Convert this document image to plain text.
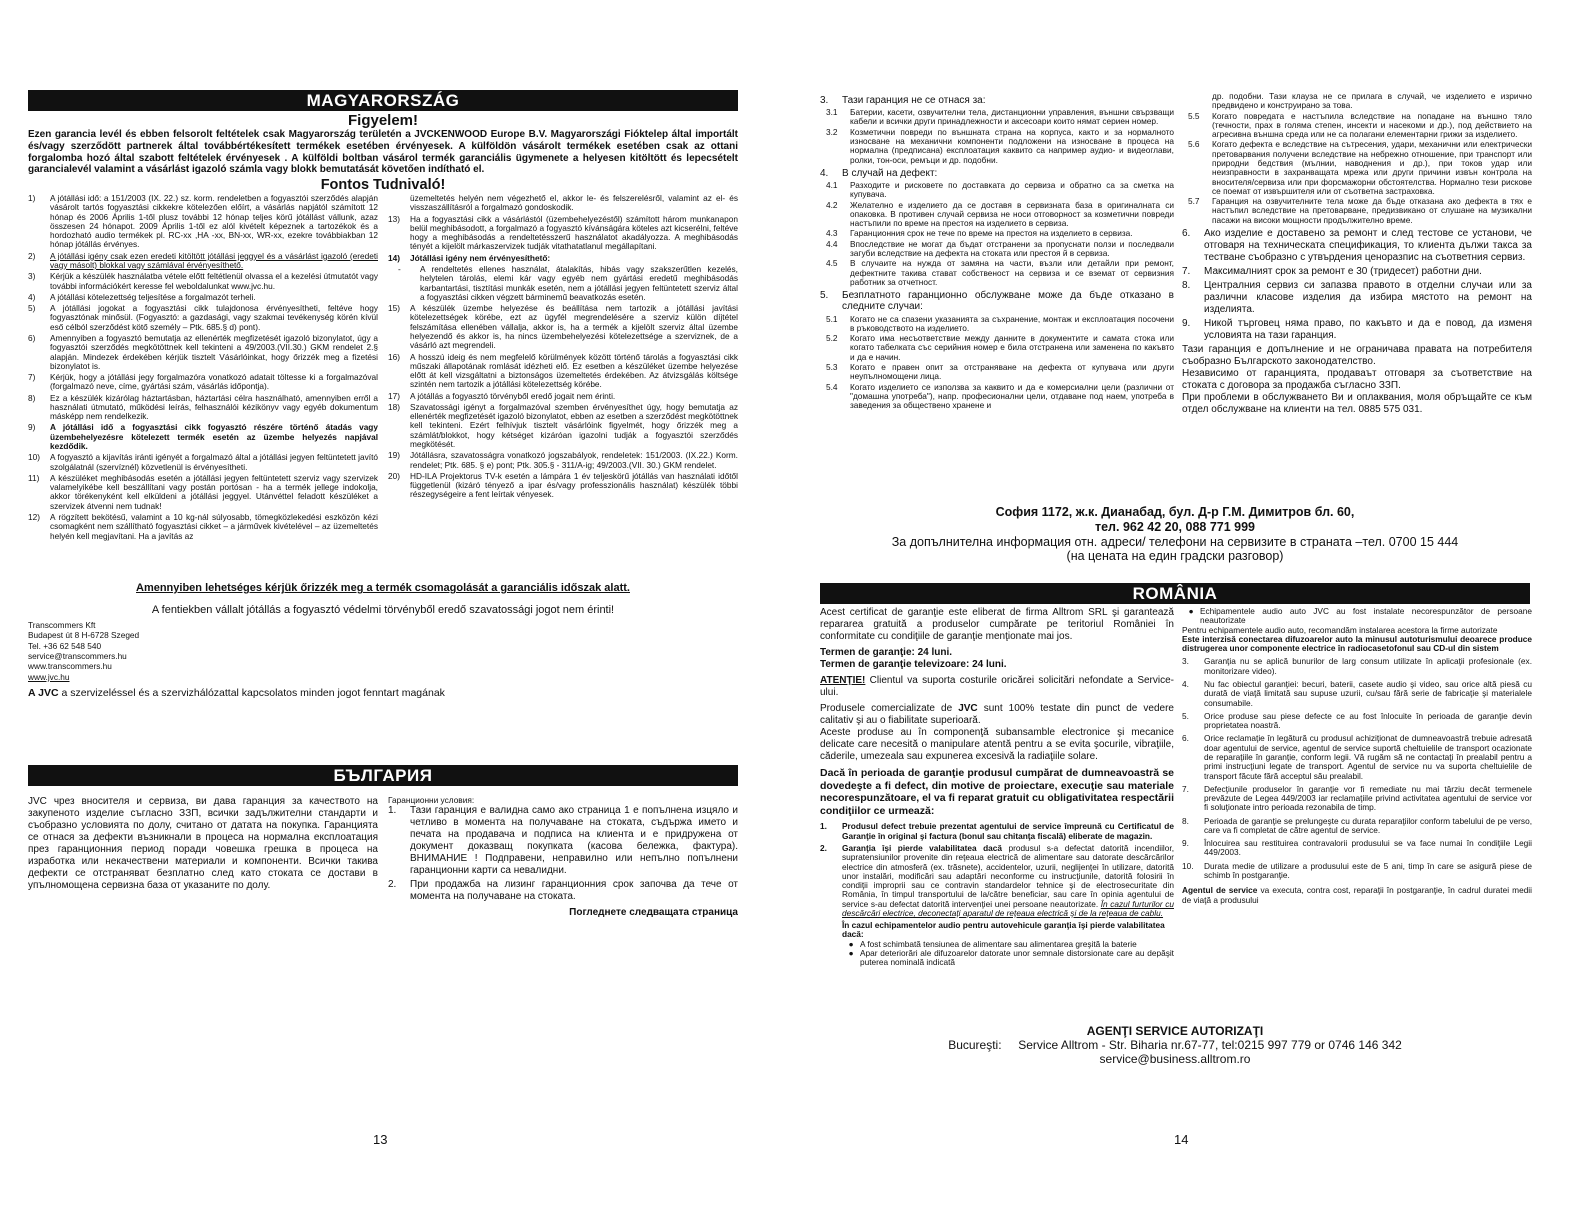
MAGYARORSZÁG
Figyelem!
Ezen garancia levél és ebben felsorolt feltételek csak Magyarország területén a JVCKENWOOD Europe B.V. Magyarországi Fióktelep által importált és/vagy szerződött partnerek által továbbértékesített termékek esetében érvényesek. A külföldön vásárolt termékek esetében csak az ottani forgalomba hozó által szabott feltételek érvényesek . A külföldi boltban vásárol termék garanciális ügymenete a helyesen kitöltött és lepecsételt garancialevél valamint a vásárlást igazoló számla vagy blokk bemutatását követően indítható el.
Fontos Tudnivaló!
1)	A jótállási idő: a 151/2003 (IX. 22.) sz. korm. rendeletben a fogyasztói szerződés alapján vásárolt tartós fogyasztási cikkekre kötelezően előírt, a vásárlás napjától számított 12 hónap és 2006 Április 1-től plusz további 12 hónap teljes körű jótállást vállunk, azaz összesen 24 hónapot. 2009 Április 1-től ez alól kivételt képeznek a tartozékok és a hordozható audio termékek pl. RC-xx ,HA -xx, BN-xx, WR-xx, ezekre továbbiakban 12 hónap jótállás érvényes.
2)	A jótállási igény csak ezen eredeti kitöltött jótállási jeggyel és a vásárlást igazoló (eredeti vagy másolt) blokkal vagy számlával érvényesíthető.
3)	Kérjük a készülék használatba vétele előtt feltétlenül olvassa el a kezelési útmutatót vagy további információkért keresse fel weboldalunkat www.jvc.hu.
4)	A jótállási kötelezettség teljesítése a forgalmazót terheli.
5)	A jótállási jogokat a fogyasztási cikk tulajdonosa érvényesítheti, feltéve hogy fogyasztónak minősül. (Fogyasztó: a gazdasági, vagy szakmai tevékenység körén kívül eső célból szerződést kötő személy – Ptk. 685.§ d) pont).
6)	Amennyiben a fogyasztó bemutatja az ellenérték megfizetését igazoló bizonylatot, úgy a fogyasztói szerződés megkötöttnek kell tekinteni a 49/2003.(VII.30.) GKM rendelet 2.§ alapján. Mindezek érdekében kérjük tisztelt Vásárlóinkat, hogy őrizzék meg a fizetési bizonylatot is.
7)	Kérjük, hogy a jótállási jegy forgalmazóra vonatkozó adatait töltesse ki a forgalmazóval (forgalmazó neve, címe, gyártási szám, vásárlás időpontja).
8)	Ez a készülék kizárólag háztartásban, háztartási célra használható, amennyiben erről a használati útmutató, működési leírás, felhasználói kézikönyv vagy egyéb dokumentum másképp nem rendelkezik.
9)	A jótállási idő a fogyasztási cikk fogyasztó részére történő átadás vagy üzembehelyezésre kötelezett termék esetén az üzembe helyezés napjával kezdődik.
10)	A fogyasztó a kijavítás iránti igényét a forgalmazó által a jótállási jegyen feltüntetett javító szolgálatnál (szervíznél) közvetlenül is érvényesítheti.
11)	A készüléket meghibásodás esetén a jótállási jegyen feltüntetett szerviz vagy szervizek valamelyikébe kell beszállítani vagy postán portósan - ha a termék jellege indokolja, akkor törékenyként kell elküldeni a jótállási jeggyel. Utánvéttel feladott készüléket a szervizek átvenni nem tudnak!
12)	A rögzített bekötésű, valamint a 10 kg-nál súlyosabb, tömegközlekedési eszközön kézi csomagként nem szállítható fogyasztási cikket – a járművek kivételével – az üzemeltetés helyén kell megjavítani. Ha a javítás az
üzemeltetés helyén nem végezhető el, akkor le- és felszerelésről, valamint az el- és visszaszállításról a forgalmazó gondoskodik.
13)	Ha a fogyasztási cikk a vásárlástól (üzembehelyezéstől) számított három munkanapon belül meghibásodott, a forgalmazó a fogyasztó kívánságára köteles azt kicserélni, feltéve hogy a meghibásodás a rendeltetésszerű használatot akadályozza. A meghibásodás tényét a kijelölt márkaszervizek tudják vitathatatlanul megállapítani.
14)	Jótállási igény nem érvényesíthető:
-	A rendeltetés ellenes használat, átalakítás, hibás vagy szakszerűtlen kezelés, helytelen tárolás, elemi kár vagy egyéb nem gyártási eredetű meghibásodás karbantartási, tisztítási munkák esetén, nem a jótállási jegyen feltüntetett szerviz által a fogyasztási cikken végzett bárminemű beavatkozás esetén.
15)	A készülék üzembe helyezése és beállítása nem tartozik a jótállási javítási kötelezettségek körébe, ezt az ügyfél megrendelésére a szerviz külön díjtétel felszámítása ellenében vállalja, akkor is, ha a termék a kijelölt szerviz által üzembe helyezendő és akkor is, ha nincs üzembehelyezési kötelezettsége a szerviznek, de a vásárló azt megrendeli.
16)	A hosszú ideig és nem megfelelő körülmények között történő tárolás a fogyasztási cikk műszaki állapotának romlását idézheti elő. Ez esetben a készüléket üzembe helyezése előtt át kell vizsgáltatni a biztonságos üzemeltetés érdekében. Az átvizsgálás költsége szintén nem tartozik a jótállási kötelezettség körébe.
17)	A jótállás a fogyasztó törvényből eredő jogait nem érinti.
18)	Szavatossági igényt a forgalmazóval szemben érvényesíthet úgy, hogy bemutatja az ellenérték megfizetését igazoló bizonylatot, ebben az esetben a szerződést megkötöttnek kell tekinteni. Ezért felhívjuk tisztelt vásárlóink figyelmét, hogy őrizzék meg a számlát/blokkot, hogy kétséget kizáróan igazolni tudják a fogyasztói szerződés megkötését.
19)	Jótállásra, szavatosságra vonatkozó jogszabályok, rendeletek: 151/2003. (IX.22.) Korm. rendelet; Ptk. 685. § e) pont; Ptk. 305.§ - 311/A-ig; 49/2003.(VII. 30.) GKM rendelet.
20)	HD-ILA Projektorus TV-k esetén a lámpára 1 év teljeskörű jótállás van használati időtől függetlenül (kizáró tényező a ipar és/vagy professzionális használat) készülék többi részegységeire a fent leírtak vényesek.
Amennyiben lehetséges kérjük őrizzék meg a termék csomagolását a garanciális időszak alatt.
A fentiekben vállalt jótállás a fogyasztó védelmi törvényből eredő szavatossági jogot nem érinti!
Transcommers Kft
Budapest út 8 H-6728 Szeged
Tel. +36 62 548 540
service@transcommers.hu
www.transcommers.hu
www.jvc.hu
A JVC a szervizeléssel és a szervizhálózattal kapcsolatos minden jogot fenntart magának
БЪЛГАРИЯ
JVC чрез вносителя и сервиза, ви дава гаранция за качеството на закупеното изделие съгласно ЗЗП, всички задължителни стандарти и съобразно условията по долу, считано от датата на покупка. Гаранцията се отнася за дефекти възникнали в процеса на нормална експлоатация през гаранционния период поради човешка грешка в процеса на изработка или некачествени материали и компоненти. Всички такива дефекти се отстраняват безплатно след като стоката се достави в упълномощена сервизна база от указаните по долу.
Гаранционни условия:
1.	Тази гаранция е валидна само ако страница 1 е попълнена изцяло и четливо в момента на получаване на стоката, съдържа името и печата на продавача и подписа на клиента и е придружена от документ доказващ покупката (касова бележка, фактура). ВНИМАНИЕ ! Подправени, неправилно или непълно попълнени гаранционни карти са невалидни.
2.	При продажба на лизинг гаранционния срок започва да тече от момента на получаване на стоката.
Погледнете следващата страница
13
3.	Тази гаранция не се отнася за:
3.1	Батерии, касети, озвучителни тела, дистанционни управления, външни свързващи кабели и всички други принадлежности и аксесоари които нямат сериен номер.
3.2	Козметични повреди по външната страна на корпуса, както и за нормалното износване на механични компоненти подложени на износване в процеса на нормална (предписана) експлоатация каквито са например аудио- и видеоглави, ролки, тон-оси, ремъци и др. подобни.
4.	В случай на дефект:
4.1	Разходите и рисковете по доставката до сервиза и обратно са за сметка на купувача.
4.2	Желателно е изделието да се доставя в сервизната база в оригиналната си опаковка. В противен случай сервиза не носи отговорност за козметични повреди настъпили по време на престоя на изделието в сервиза.
4.3	Гаранционния срок не тече по време на престоя на изделието в сервиза.
4.4	Впоследствие не могат да бъдат отстранени за пропуснати ползи и последвали загуби вследствие на дефекта на стоката или престоя й в сервиза.
4.5	В случаите на нужда от замяна на части, възли или детайли при ремонт, дефектните такива стават собственост на сервиза и се вземат от сервизния работник за отчетност.
5.	Безплатното гаранционно обслужване може да бъде отказано в следните случаи:
5.1	Когато не са спазени указанията за съхранение, монтаж и експлоатация посочени в ръководството на изделието.
5.2	Когато има несъответствие между данните в документите и самата стока или когато табелката със серийния номер е била отстранена или заменена по какъвто и да е начин.
5.3	Когато е правен опит за отстраняване на дефекта от купувача или други неупълномощени лица.
5.4	Когато изделието се използва за каквито и да е комерсиални цели (различни от "домашна употреба"), напр. професионални цели, отдаване под наем, употреба в заведения за обществено хранене и
др. подобни. Тази клауза не се прилага в случай, че изделието е изрично предвидено и конструирано за това.
5.5	Когато повредата е настъпила вследствие на попадане на външно тяло (течности, прах в голяма степен, инсекти и насекоми и др.), под действието на агресивна външна среда или не са полагани елементарни грижи за изделието.
5.6	Когато дефекта е вследствие на сътресения, удари, механични или електрически претоварвания получени вследствие на небрежно отношение, при транспорт или природни бедствия (мълнии, наводнения и др.), при токов удар или неизправности в захранващата мрежа или други причини извън контрола на вносителя/сервиза или при форсмажорни обстоятелства. Нормално тези рискове се поемат от извършителя или от съответна застраховка.
5.7	Гаранция на озвучителните тела може да бъде отказана ако дефекта в тях е настъпил вследствие на претоварване, предизвикано от слушане на музикални пасажи на високи мощности продължително време.
6.	Ако изделие е доставено за ремонт и след тестове се установи, че отговаря на техническата спецификация, то клиента дължи такса за тестване съобразно с утвърдения ценоразпис на съответния сервиз.
7.	Максималният срок за ремонт е 30 (тридесет) работни дни.
8.	Централния сервиз си запазва правото в отделни случаи или за различни класове изделия да избира мястото на ремонт на изделията.
9.	Никой търговец няма право, по какъвто и да е повод, да изменя условията на тази гаранция.
Тази гаранция е допълнение и не ограничава правата на потребителя съобразно Българското законодателство.
Независимо от гаранцията, продаваът отговаря за съответствие на стоката с договора за продажба съгласно ЗЗП.
При проблеми в обслужването Ви и оплаквания, моля обръщайте се към отдел обслужване на клиенти на тел. 0885 575 031.
София 1172, ж.к. Дианабад, бул. Д-р Г.М. Димитров бл. 60,
тел. 962 42 20, 088 771 999
За допълнителна информация отн. адреси/ телефони на сервизите в страната –тел. 0700 15 444
(на цената на един градски разговор)
ROMÂNIA
Acest certificat de garanţie este eliberat de firma Alltrom SRL şi garantează repararea gratuită a produselor cumpărate pe teritoriul României în conformitate cu condiţiile de garanţie menţionate mai jos.
Termen de garanţie: 24 luni.
Termen de garanţie televizoare: 24 luni.
ATENŢIE! Clientul va suporta costurile oricărei solicitări nefondate a Service-ului.
Produsele comercializate de JVC sunt 100% testate din punct de vedere calitativ şi au o fiabilitate superioară.
Aceste produse au în componenţă subansamble electronice şi mecanice delicate care necesită o manipulare atentă pentru a se evita şocurile, vibraţiile, căderile, umezeala sau expunerea excesivă la radiaţiile solare.
Dacă în perioada de garanţie produsul cumpărat de dumneavoastră se dovedeşte a fi defect, din motive de proiectare, execuţie sau materiale necorespunzătoare, el va fi reparat gratuit cu obligativitatea respectării condiţiilor ce urmează:
1.	Produsul defect trebuie prezentat agentului de service împreună cu Certificatul de Garanţie în original şi factura (bonul sau chitanţa fiscală) eliberate de magazin.
2.	Garanţia îşi pierde valabilitatea dacă produsul s-a defectat datorită incendiilor, supratensiunilor provenite din reţeaua electrică de alimentare sau datorate descărcărilor electrice din atmosferă (ex. trăsnete), accidentelor, uzurii, neglijenţei în utilizare, datorită unor instalări, modificări sau adaptări neconforme cu instrucţiunile, datorită folosirii în condiţii improprii sau ce contravin standardelor tehnice şi de electrosecuritate din România, în timpul transportului de la/către beneficiar, sau care în opinia agentului de service s-au defectat datorită intervenţiei unei persoane neautorizate. În cazul furturilor cu descărcări electrice, deconectaţi aparatul de reţeaua electrică şi de la reţeaua de cablu.
În cazul echipamentelor audio pentru autovehicule garanţia îşi pierde valabilitatea dacă:
● A fost schimbată tensiunea de alimentare sau alimentarea greşită la baterie
● Apar deteriorări ale difuzoarelor datorate unor semnale distorsionate care au depăşit puterea nominală indicată
● Echipamentele audio auto JVC au fost instalate necorespunzător de persoane neautorizate
Pentru echipamentele audio auto, recomandăm instalarea acestora la firme autorizate
Este interzisă conectarea difuzoarelor auto la minusul autoturismului deoarece produce distrugerea unor componente electrice în radiocasetofonul sau CD-ul din sistem
3.	Garanţia nu se aplică bunurilor de larg consum utilizate în aplicaţii profesionale (ex. monitorizare video).
4.	Nu fac obiectul garanţiei: becuri, baterii, casete audio şi video, sau orice altă piesă cu durată de viaţă limitată sau supuse uzurii, cu/sau fără serie de fabricaţie şi materialele consumabile.
5.	Orice produse sau piese defecte ce au fost înlocuite în perioada de garanţie devin proprietatea noastră.
6.	Orice reclamaţie în legătură cu produsul achiziţionat de dumneavoastră trebuie adresată doar agentului de service, agentul de service suportă cheltuielile de transport ocazionate de reparaţiile în garanţie, conform legii. Vă rugăm să ne contactaţi în prealabil pentru a primi instrucţiuni legate de transport. Agentul de service nu va suporta cheltuielile de transport făcute fără acceptul său prealabil.
7.	Defecţiunile produselor în garanţie vor fi remediate nu mai târziu decât termenele prevăzute de Legea 449/2003 iar reclamaţiile privind activitatea agentului de service vor fi soluţionate intro perioada rezonabila de timp.
8.	Perioada de garanţie se prelungeşte cu durata reparaţiilor conform tabelului de pe verso, care va fi completat de către agentul de service.
9.	Înlocuirea sau restituirea contravalorii produsului se va face numai în condiţiile Legii 449/2003.
10.	Durata medie de utilizare a produsului este de 5 ani, timp în care se asigură piese de schimb în postgaranţie.
Agentul de service va executa, contra cost, reparaţii în postgaranţie, în cadrul duratei medii de viaţă a produsului
AGENŢI SERVICE AUTORIZAŢI
Bucureşti: Service Alltrom - Str. Biharia nr.67-77, tel:0215 997 779 or 0746 146 342
service@business.alltrom.ro
14
